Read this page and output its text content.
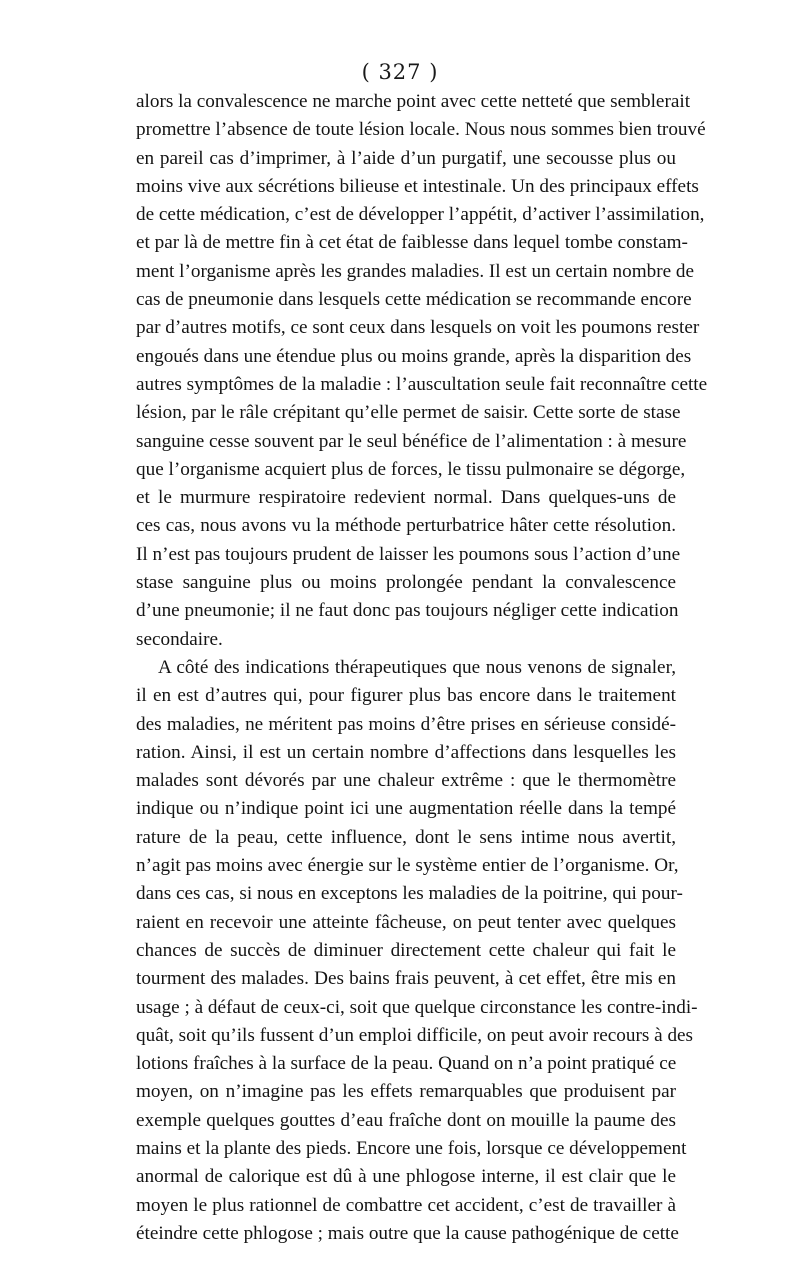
( 327 )
alors la convalescence ne marche point avec cette netteté que semblerait
promettre l’absence de toute lésion locale. Nous nous sommes bien trouvé
en pareil cas d’imprimer, à l’aide d’un purgatif, une secousse plus ou
moins vive aux sécrétions bilieuse et intestinale. Un des principaux effets
de cette médication, c’est de développer l’appétit, d’activer l’assimilation,
et par là de mettre fin à cet état de faiblesse dans lequel tombe constam-
ment l’organisme après les grandes maladies. Il est un certain nombre de
cas de pneumonie dans lesquels cette médication se recommande encore
par d’autres motifs, ce sont ceux dans lesquels on voit les poumons rester
engoués dans une étendue plus ou moins grande, après la disparition des
autres symptômes de la maladie : l’auscultation seule fait reconnaître cette
lésion, par le râle crépitant qu’elle permet de saisir. Cette sorte de stase
sanguine cesse souvent par le seul bénéfice de l’alimentation : à mesure
que l’organisme acquiert plus de forces, le tissu pulmonaire se dégorge,
et le murmure respiratoire redevient normal. Dans quelques-uns de
ces cas, nous avons vu la méthode perturbatrice hâter cette résolution.
Il n’est pas toujours prudent de laisser les poumons sous l’action d’une
stase sanguine plus ou moins prolongée pendant la convalescence
d’une pneumonie; il ne faut donc pas toujours négliger cette indication
secondaire.
A côté des indications thérapeutiques que nous venons de signaler,
il en est d’autres qui, pour figurer plus bas encore dans le traitement
des maladies, ne méritent pas moins d’être prises en sérieuse considé-
ration. Ainsi, il est un certain nombre d’affections dans lesquelles les
malades sont dévorés par une chaleur extrême : que le thermomètre
indique ou n’indique point ici une augmentation réelle dans la tempé
rature de la peau, cette influence, dont le sens intime nous avertit,
n’agit pas moins avec énergie sur le système entier de l’organisme. Or,
dans ces cas, si nous en exceptons les maladies de la poitrine, qui pour-
raient en recevoir une atteinte fâcheuse, on peut tenter avec quelques
chances de succès de diminuer directement cette chaleur qui fait le
tourment des malades. Des bains frais peuvent, à cet effet, être mis en
usage ; à défaut de ceux-ci, soit que quelque circonstance les contre-indi-
quât, soit qu’ils fussent d’un emploi difficile, on peut avoir recours à des
lotions fraîches à la surface de la peau. Quand on n’a point pratiqué ce
moyen, on n’imagine pas les effets remarquables que produisent par
exemple quelques gouttes d’eau fraîche dont on mouille la paume des
mains et la plante des pieds. Encore une fois, lorsque ce développement
anormal de calorique est dû à une phlogose interne, il est clair que le
moyen le plus rationnel de combattre cet accident, c’est de travailler à
éteindre cette phlogose ; mais outre que la cause pathogénique de cette
